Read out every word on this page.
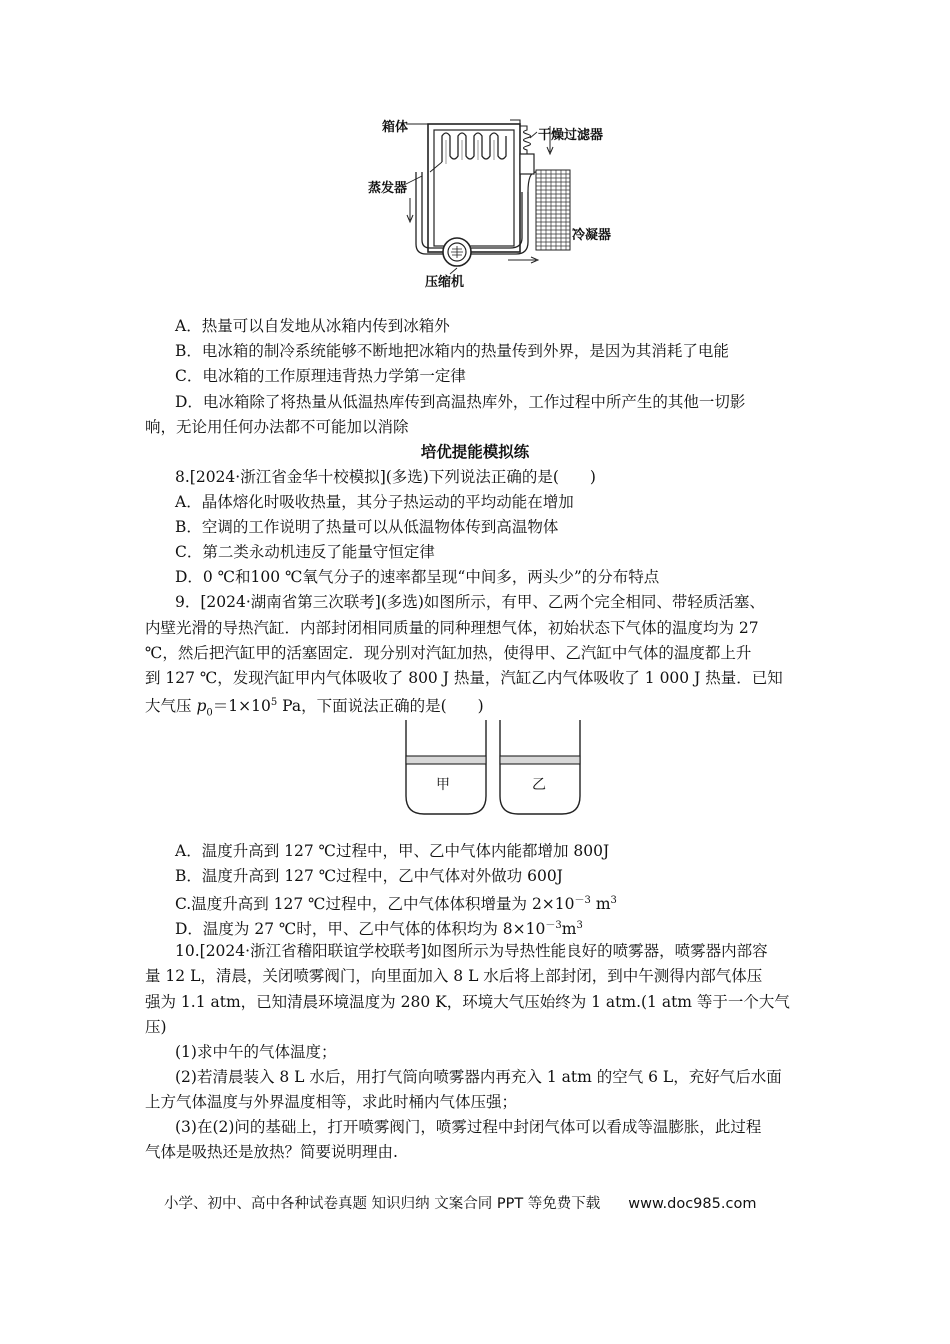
箱体
蒸发器
干燥过滤器
冷凝器
压缩机
A．热量可以自发地从冰箱内传到冰箱外
B．电冰箱的制冷系统能够不断地把冰箱内的热量传到外界，是因为其消耗了电能
C．电冰箱的工作原理违背热力学第一定律
D．电冰箱除了将热量从低温热库传到高温热库外，工作过程中所产生的其他一切影
响，无论用任何办法都不可能加以消除
培优提能模拟练
8.[2024·浙江省金华十校模拟](多选)下列说法正确的是(　　)
A．晶体熔化时吸收热量，其分子热运动的平均动能在增加
B．空调的工作说明了热量可以从低温物体传到高温物体
C．第二类永动机违反了能量守恒定律
D．0 ℃和100 ℃氧气分子的速率都呈现“中间多，两头少”的分布特点
9．[2024·湖南省第三次联考](多选)如图所示，有甲、乙两个完全相同、带轻质活塞、
内壁光滑的导热汽缸．内部封闭相同质量的同种理想气体，初始状态下气体的温度均为 27
℃，然后把汽缸甲的活塞固定．现分别对汽缸加热，使得甲、乙汽缸中气体的温度都上升
到 127 ℃，发现汽缸甲内气体吸收了 800 J 热量，汽缸乙内气体吸收了 1 000 J 热量．已知
大气压 $p_0=1\times 10^5$ Pa，下面说法正确的是(　　)
甲	乙
A．温度升高到 127 ℃过程中，甲、乙中气体内能都增加 800J
B．温度升高到 127 ℃过程中，乙中气体对外做功 600J
C.温度升高到 127 ℃过程中，乙中气体体积增量为 $2\times 10^{-3}$ $m^3$
D．温度为 27 ℃时，甲、乙中气体的体积均为 $8\times 10^{-3}m^3$
10.[2024·浙江省稽阳联谊学校联考]如图所示为导热性能良好的喷雾器，喷雾器内部容
量 12 L，清晨，关闭喷雾阀门，向里面加入 8 L 水后将上部封闭，到中午测得内部气体压
强为 1.1 atm，已知清晨环境温度为 280 K，环境大气压始终为 1 atm.(1 atm 等于一个大气
压)
(1)求中午的气体温度；
(2)若清晨装入 8 L 水后，用打气筒向喷雾器内再充入 1 atm 的空气 6 L，充好气后水面
上方气体温度与外界温度相等，求此时桶内气体压强；
(3)在(2)问的基础上，打开喷雾阀门，喷雾过程中封闭气体可以看成等温膨胀，此过程
气体是吸热还是放热？简要说明理由.
小学、初中、高中各种试卷真题 知识归纳 文案合同 PPT 等免费下载 www.doc985.com
